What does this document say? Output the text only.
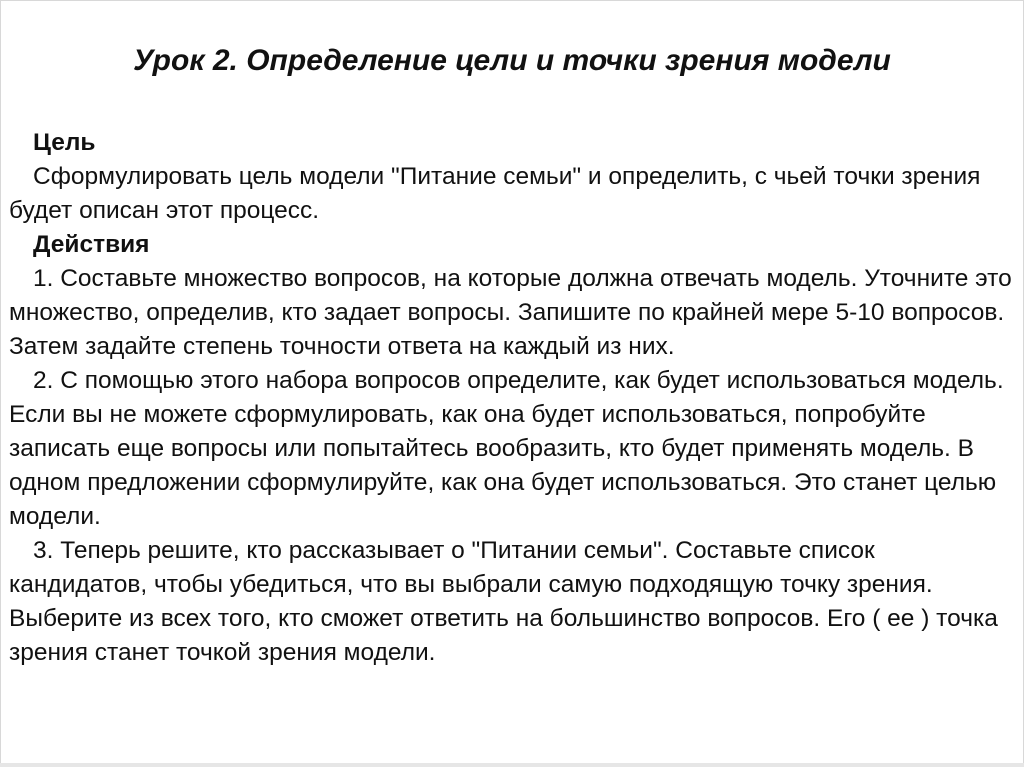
Урок 2. Определение цели и точки зрения модели

Цель

Сформулировать цель модели "Питание семьи" и определить, с чьей точки зрения будет описан этот процесс.

Действия

1. Составьте множество вопросов, на которые должна отвечать модель. Уточните это множество, определив, кто задает вопросы. Запишите по крайней мере 5-10 вопросов. Затем задайте степень точности ответа на каждый из них.

2. С помощью этого набора вопросов определите, как будет использоваться модель. Если вы не можете сформулировать, как она будет использоваться, попробуйте записать еще вопросы или попытайтесь вообразить, кто будет применять модель. В одном предложении сформулируйте, как она будет использоваться. Это станет целью модели.

3. Теперь решите, кто рассказывает о "Питании семьи". Составьте список кандидатов, чтобы убедиться, что вы выбрали самую подходящую точку зрения. Выберите из всех того, кто сможет ответить на большинство вопросов. Его ( ее ) точка зрения станет точкой зрения модели.
